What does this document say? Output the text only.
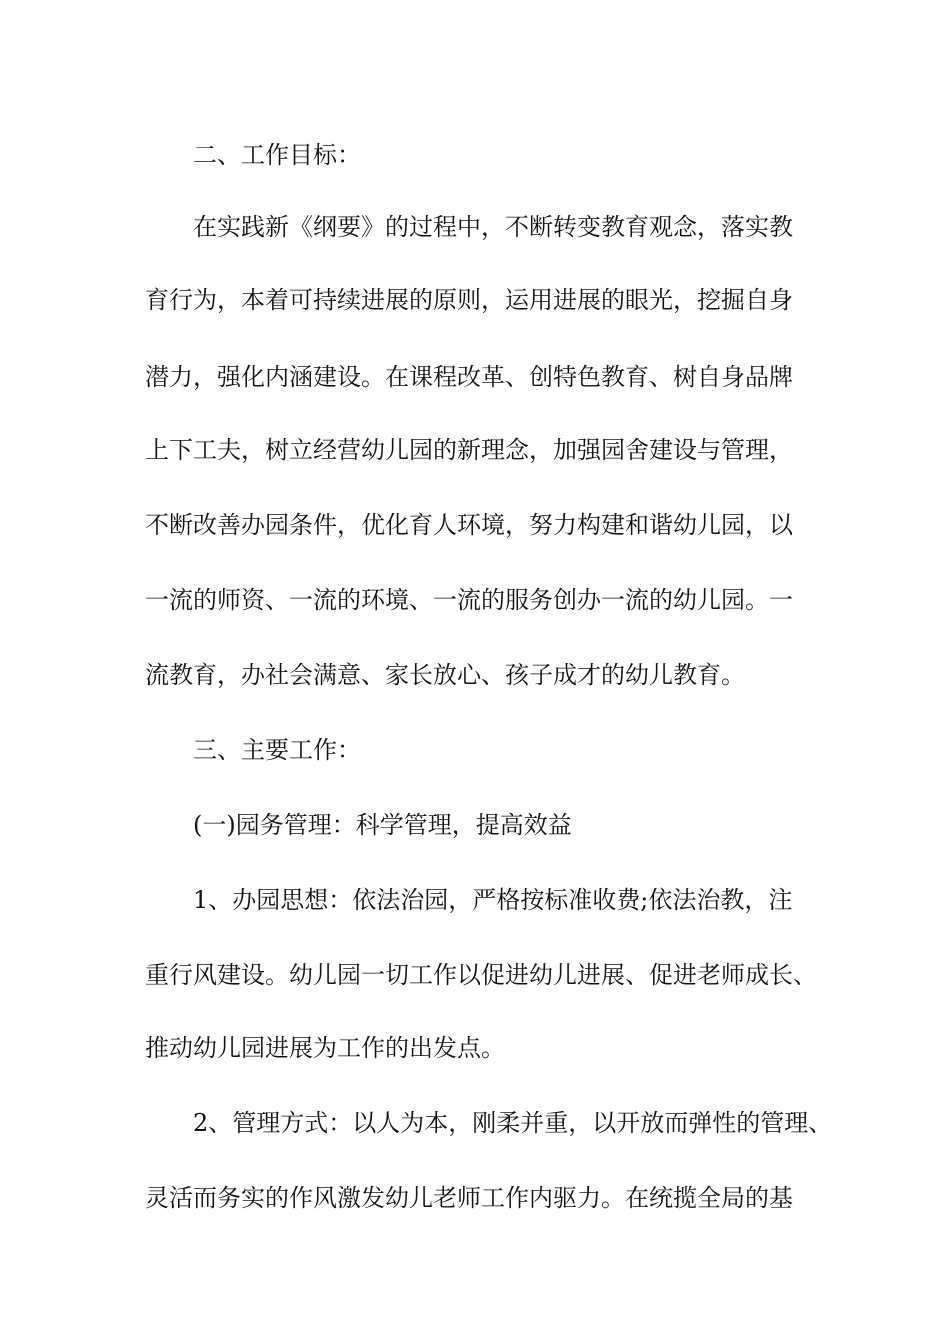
二、工作目标：
在实践新《纲要》的过程中，不断转变教育观念，落实教
育行为，本着可持续进展的原则，运用进展的眼光，挖掘自身
潜力，强化内涵建设。在课程改革、创特色教育、树自身品牌
上下工夫，树立经营幼儿园的新理念，加强园舍建设与管理，
不断改善办园条件，优化育人环境，努力构建和谐幼儿园，以
一流的师资、一流的环境、一流的服务创办一流的幼儿园。一
流教育，办社会满意、家长放心、孩子成才的幼儿教育。
三、主要工作：
(一)园务管理：科学管理，提高效益
1、办园思想：依法治园，严格按标准收费;依法治教，注
重行风建设。幼儿园一切工作以促进幼儿进展、促进老师成长、
推动幼儿园进展为工作的出发点。
2、管理方式：以人为本，刚柔并重，以开放而弹性的管理、
灵活而务实的作风激发幼儿老师工作内驱力。在统揽全局的基
